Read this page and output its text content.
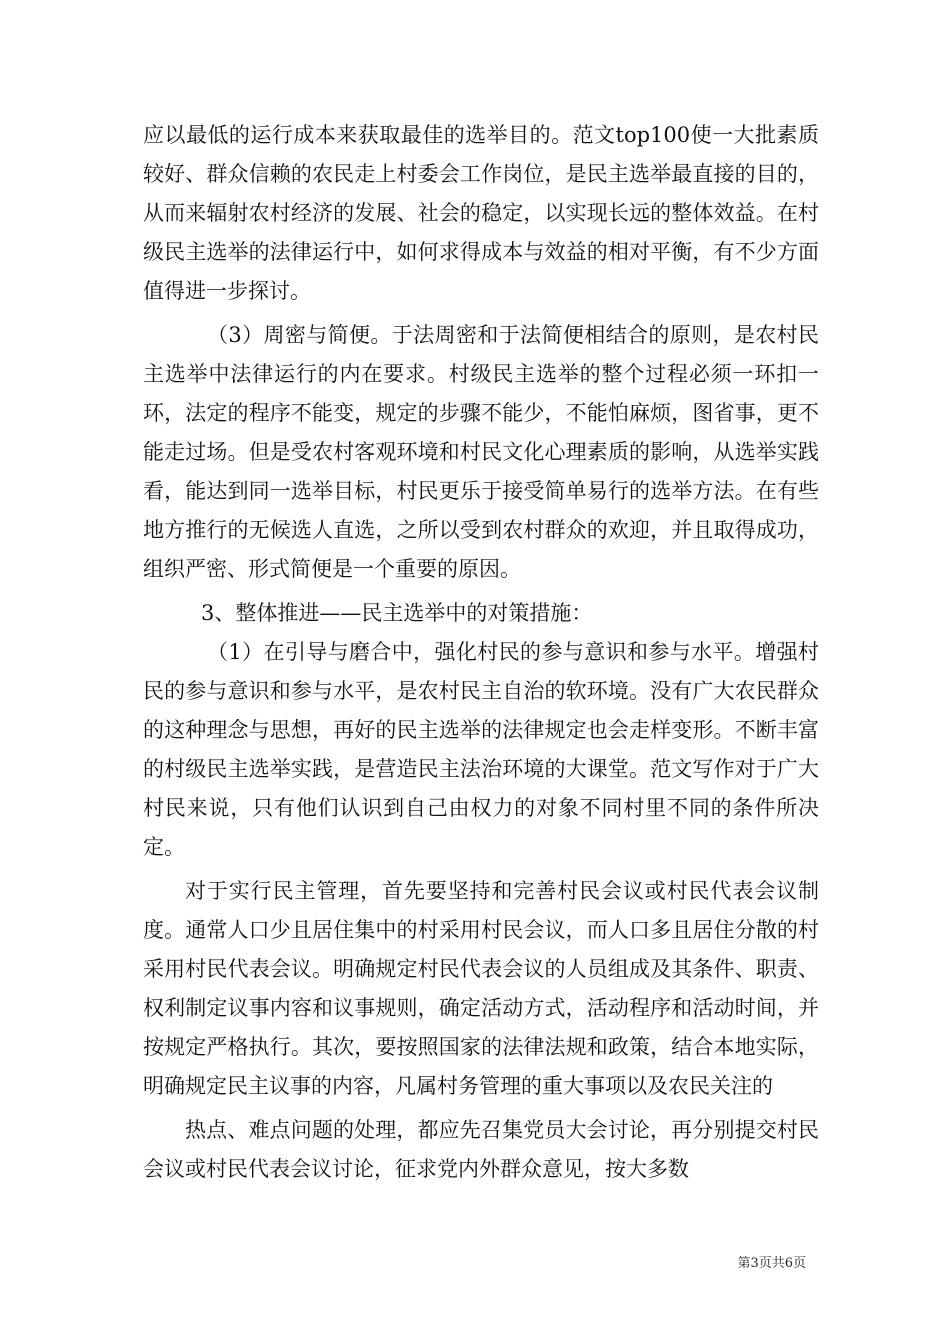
应以最低的运行成本来获取最佳的选举目的。范文top100使一大批素质较好、群众信赖的农民走上村委会工作岗位，是民主选举最直接的目的，从而来辐射农村经济的发展、社会的稳定，以实现长远的整体效益。在村级民主选举的法律运行中，如何求得成本与效益的相对平衡，有不少方面值得进一步探讨。

（3）周密与简便。于法周密和于法简便相结合的原则，是农村民主选举中法律运行的内在要求。村级民主选举的整个过程必须一环扣一环，法定的程序不能变，规定的步骤不能少，不能怕麻烦，图省事，更不能走过场。但是受农村客观环境和村民文化心理素质的影响，从选举实践看，能达到同一选举目标，村民更乐于接受简单易行的选举方法。在有些地方推行的无候选人直选，之所以受到农村群众的欢迎，并且取得成功，组织严密、形式简便是一个重要的原因。

3、整体推进——民主选举中的对策措施：

（1）在引导与磨合中，强化村民的参与意识和参与水平。增强村民的参与意识和参与水平，是农村民主自治的软环境。没有广大农民群众的这种理念与思想，再好的民主选举的法律规定也会走样变形。不断丰富的村级民主选举实践，是营造民主法治环境的大课堂。范文写作对于广大村民来说，只有他们认识到自己由权力的对象不同村里不同的条件所决定。

对于实行民主管理，首先要坚持和完善村民会议或村民代表会议制度。通常人口少且居住集中的村采用村民会议，而人口多且居住分散的村采用村民代表会议。明确规定村民代表会议的人员组成及其条件、职责、权利制定议事内容和议事规则，确定活动方式，活动程序和活动时间，并按规定严格执行。其次，要按照国家的法律法规和政策，结合本地实际，明确规定民主议事的内容，凡属村务管理的重大事项以及农民关注的

热点、难点问题的处理，都应先召集党员大会讨论，再分别提交村民会议或村民代表会议讨论，征求党内外群众意见，按大多数

第3页共6页
